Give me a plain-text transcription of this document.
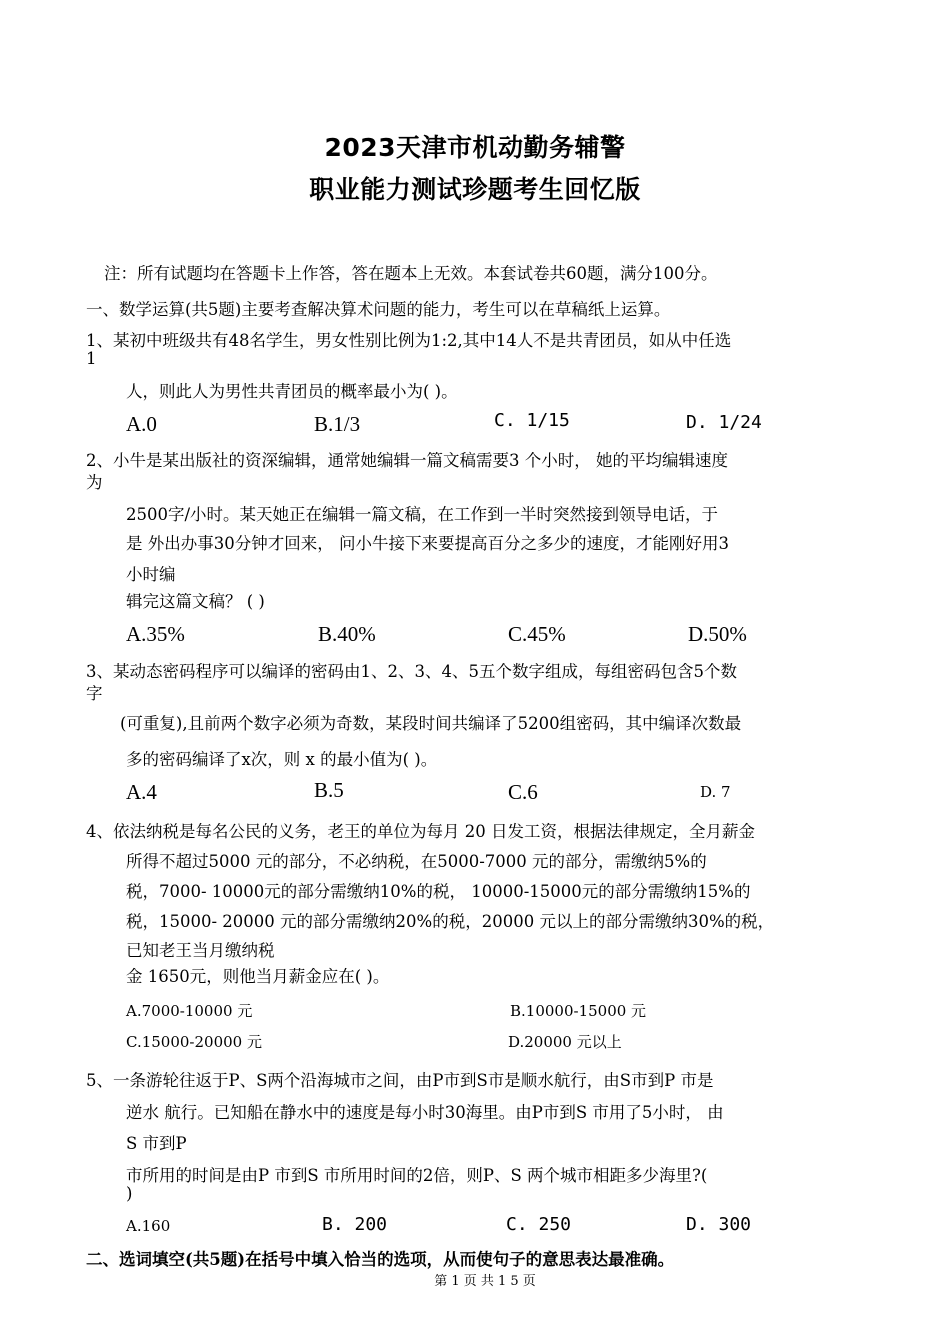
2023天津市机动勤务辅警
职业能力测试珍题考生回忆版
注：所有试题均在答题卡上作答，答在题本上无效。本套试卷共60题，满分100分。
一、数学运算(共5题)主要考查解决算术问题的能力，考生可以在草稿纸上运算。
1、某初中班级共有48名学生，男女性别比例为1:2,其中14人不是共青团员，如从中任选
1
人，则此人为男性共青团员的概率最小为( )。
A.0	B.1/3	C. 1/15	D. 1/24
2、小牛是某出版社的资深编辑，通常她编辑一篇文稿需要3 个小时， 她的平均编辑速度
为
2500字/小时。某天她正在编辑一篇文稿，在工作到一半时突然接到领导电话，于
是 外出办事30分钟才回来， 问小牛接下来要提高百分之多少的速度，才能刚好用3
小时编
辑完这篇文稿？ ( )
A.35%	B.40%	C.45%	D.50%
3、某动态密码程序可以编译的密码由1、2、3、4、5五个数字组成，每组密码包含5个数
字
(可重复),且前两个数字必须为奇数，某段时间共编译了5200组密码，其中编译次数最
多的密码编译了x次，则 x 的最小值为( )。
A.4	B.5	C.6	D. 7
4、依法纳税是每名公民的义务，老王的单位为每月 20 日发工资，根据法律规定，全月薪金
所得不超过5000 元的部分，不必纳税，在5000-7000 元的部分，需缴纳5%的
税，7000- 10000元的部分需缴纳10%的税， 10000-15000元的部分需缴纳15%的
税，15000- 20000 元的部分需缴纳20%的税，20000 元以上的部分需缴纳30%的税，
已知老王当月缴纳税
金 1650元，则他当月薪金应在( )。
A.7000-10000 元	B.10000-15000 元
C.15000-20000 元	D.20000 元以上
5、一条游轮往返于P、S两个沿海城市之间，由P市到S市是顺水航行，由S市到P 市是
逆水 航行。已知船在静水中的速度是每小时30海里。由P市到S 市用了5小时， 由
S 市到P
市所用的时间是由P 市到S 市所用时间的2倍，则P、S 两个城市相距多少海里?(
)
A.160	B. 200	C. 250	D. 300
二、选词填空(共5题)在括号中填入恰当的选项，从而使句子的意思表达最准确。
第 1 页 共 1 5 页
